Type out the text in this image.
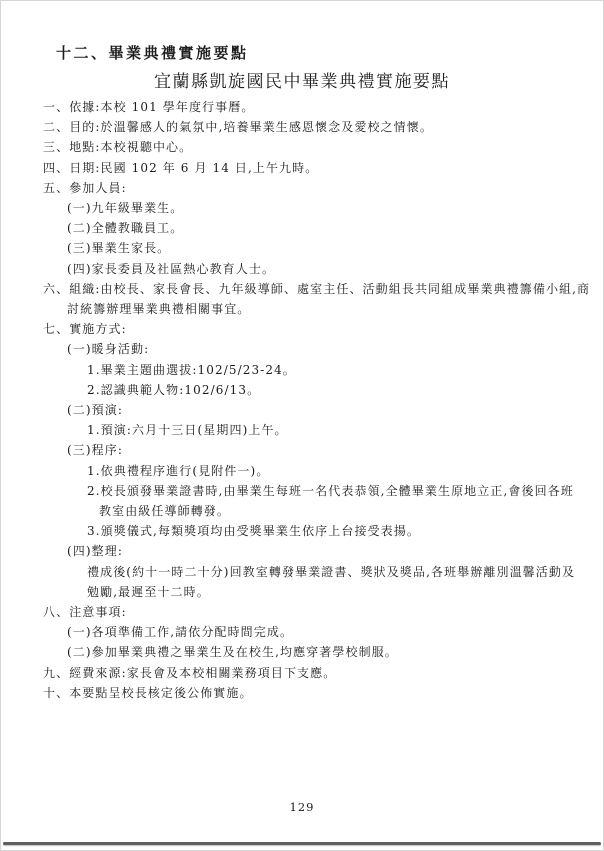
十二、畢業典禮實施要點
宜蘭縣凱旋國民中畢業典禮實施要點
一、依據:本校 101 學年度行事曆。
二、目的:於溫馨感人的氣氛中,培養畢業生感恩懷念及愛校之情懷。
三、地點:本校視聽中心。
四、日期:民國 102 年 6 月 14 日,上午九時。
五、參加人員:
(一)九年級畢業生。
(二)全體教職員工。
(三)畢業生家長。
(四)家長委員及社區熱心教育人士。
六、組織:由校長、家長會長、九年級導師、處室主任、活動組長共同組成畢業典禮籌備小組,商
討統籌辦理畢業典禮相關事宜。
七、實施方式:
(一)暖身活動:
1.畢業主題曲選拔:102/5/23-24。
2.認識典範人物:102/6/13。
(二)預演:
1.預演:六月十三日(星期四)上午。
(三)程序:
1.依典禮程序進行(見附件一)。
2.校長頒發畢業證書時,由畢業生每班一名代表恭領,全體畢業生原地立正,會後回各班
教室由級任導師轉發。
3.頒獎儀式,每類獎項均由受獎畢業生依序上台接受表揚。
(四)整理:
禮成後(約十一時二十分)回教室轉發畢業證書、獎狀及獎品,各班舉辦離別溫馨活動及
勉勵,最遲至十二時。
八、注意事項:
(一)各項準備工作,請依分配時間完成。
(二)參加畢業典禮之畢業生及在校生,均應穿著學校制服。
九、經費來源:家長會及本校相關業務項目下支應。
十、本要點呈校長核定後公佈實施。
129
